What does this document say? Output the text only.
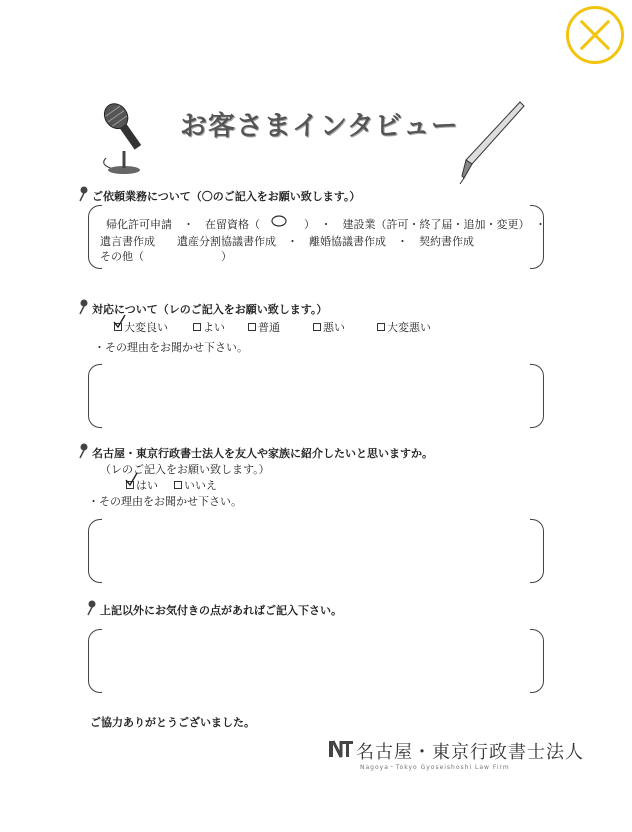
お客さまインタビュー
ご依頼業務について（〇のご記入をお願い致します。）
帰化許可申請　・　在留資格（　　　　）　・　建設業（許可・終了届・追加・変更）　・
遺言書作成　　遺産分割協議書作成　・　離婚協議書作成　・　契約書作成
その他（　　　　　　　）
対応について（レのご記入をお願い致します。）
大変良い	よい	普通	悪い	大変悪い
・その理由をお聞かせ下さい。
名古屋・東京行政書士法人を友人や家族に紹介したいと思いますか。
（レのご記入をお願い致します。）
はい いいえ
・その理由をお聞かせ下さい。
上記以外にお気付きの点があればご記入下さい。
ご協力ありがとうございました。
名古屋・東京行政書士法人
Nagoya・Tokyo Gyoseishoshi Law Firm
